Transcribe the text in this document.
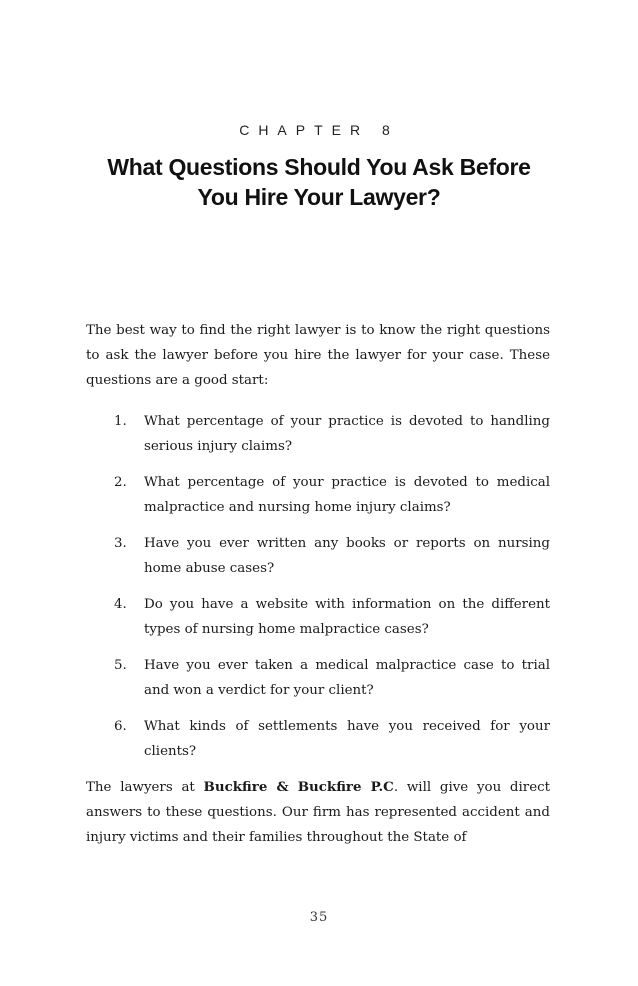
CHAPTER 8
What Questions Should You Ask Before
You Hire Your Lawyer?

The best way to find the right lawyer is to know the right questions to ask the lawyer before you hire the lawyer for your case. These questions are a good start:

1.	What percentage of your practice is devoted to handling serious injury claims?
2.	What percentage of your practice is devoted to medical malpractice and nursing home injury claims?
3.	Have you ever written any books or reports on nursing home abuse cases?
4.	Do you have a website with information on the different types of nursing home malpractice cases?
5.	Have you ever taken a medical malpractice case to trial and won a verdict for your client?
6.	What kinds of settlements have you received for your clients?

The lawyers at Buckfire & Buckfire P.C. will give you direct answers to these questions. Our firm has represented accident and injury victims and their families throughout the State of

35
